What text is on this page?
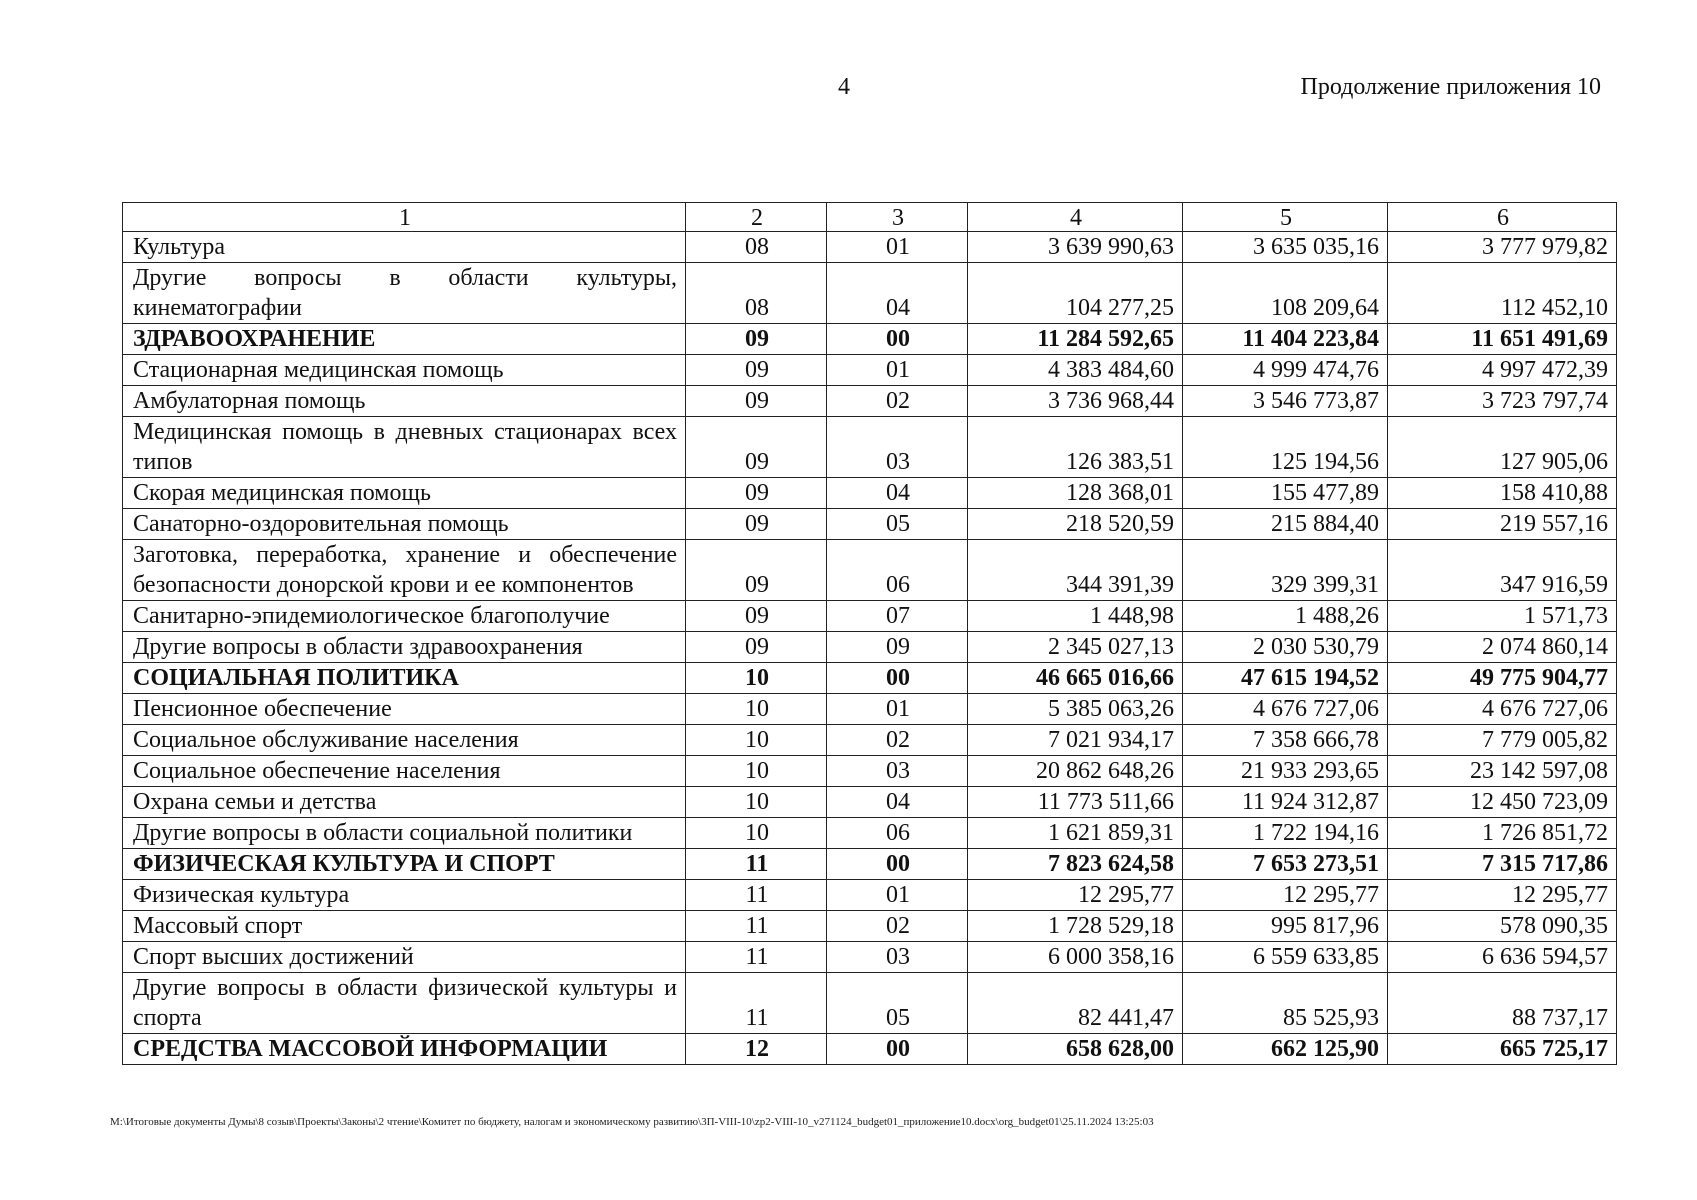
4	Продолжение приложения 10
1	2	3	4	5	6
Культура	08	01	3 639 990,63	3 635 035,16	3 777 979,82
Другие вопросы в области культуры, кинематографии	08	04	104 277,25	108 209,64	112 452,10
ЗДРАВООХРАНЕНИЕ	09	00	11 284 592,65	11 404 223,84	11 651 491,69
Стационарная медицинская помощь	09	01	4 383 484,60	4 999 474,76	4 997 472,39
Амбулаторная помощь	09	02	3 736 968,44	3 546 773,87	3 723 797,74
Медицинская помощь в дневных стационарах всех типов	09	03	126 383,51	125 194,56	127 905,06
Скорая медицинская помощь	09	04	128 368,01	155 477,89	158 410,88
Санаторно-оздоровительная помощь	09	05	218 520,59	215 884,40	219 557,16
Заготовка, переработка, хранение и обеспечение безопасности донорской крови и ее компонентов	09	06	344 391,39	329 399,31	347 916,59
Санитарно-эпидемиологическое благополучие	09	07	1 448,98	1 488,26	1 571,73
Другие вопросы в области здравоохранения	09	09	2 345 027,13	2 030 530,79	2 074 860,14
СОЦИАЛЬНАЯ ПОЛИТИКА	10	00	46 665 016,66	47 615 194,52	49 775 904,77
Пенсионное обеспечение	10	01	5 385 063,26	4 676 727,06	4 676 727,06
Социальное обслуживание населения	10	02	7 021 934,17	7 358 666,78	7 779 005,82
Социальное обеспечение населения	10	03	20 862 648,26	21 933 293,65	23 142 597,08
Охрана семьи и детства	10	04	11 773 511,66	11 924 312,87	12 450 723,09
Другие вопросы в области социальной политики	10	06	1 621 859,31	1 722 194,16	1 726 851,72
ФИЗИЧЕСКАЯ КУЛЬТУРА И СПОРТ	11	00	7 823 624,58	7 653 273,51	7 315 717,86
Физическая культура	11	01	12 295,77	12 295,77	12 295,77
Массовый спорт	11	02	1 728 529,18	995 817,96	578 090,35
Спорт высших достижений	11	03	6 000 358,16	6 559 633,85	6 636 594,57
Другие вопросы в области физической культуры и спорта	11	05	82 441,47	85 525,93	88 737,17
СРЕДСТВА МАССОВОЙ ИНФОРМАЦИИ	12	00	658 628,00	662 125,90	665 725,17
M:\Итоговые документы Думы\8 созыв\Проекты\Законы\2 чтение\Комитет по бюджету, налогам и экономическому развитию\3П-VIII-10\zp2-VIII-10_v271124_budget01_приложение10.docx\org_budget01\25.11.2024 13:25:03
